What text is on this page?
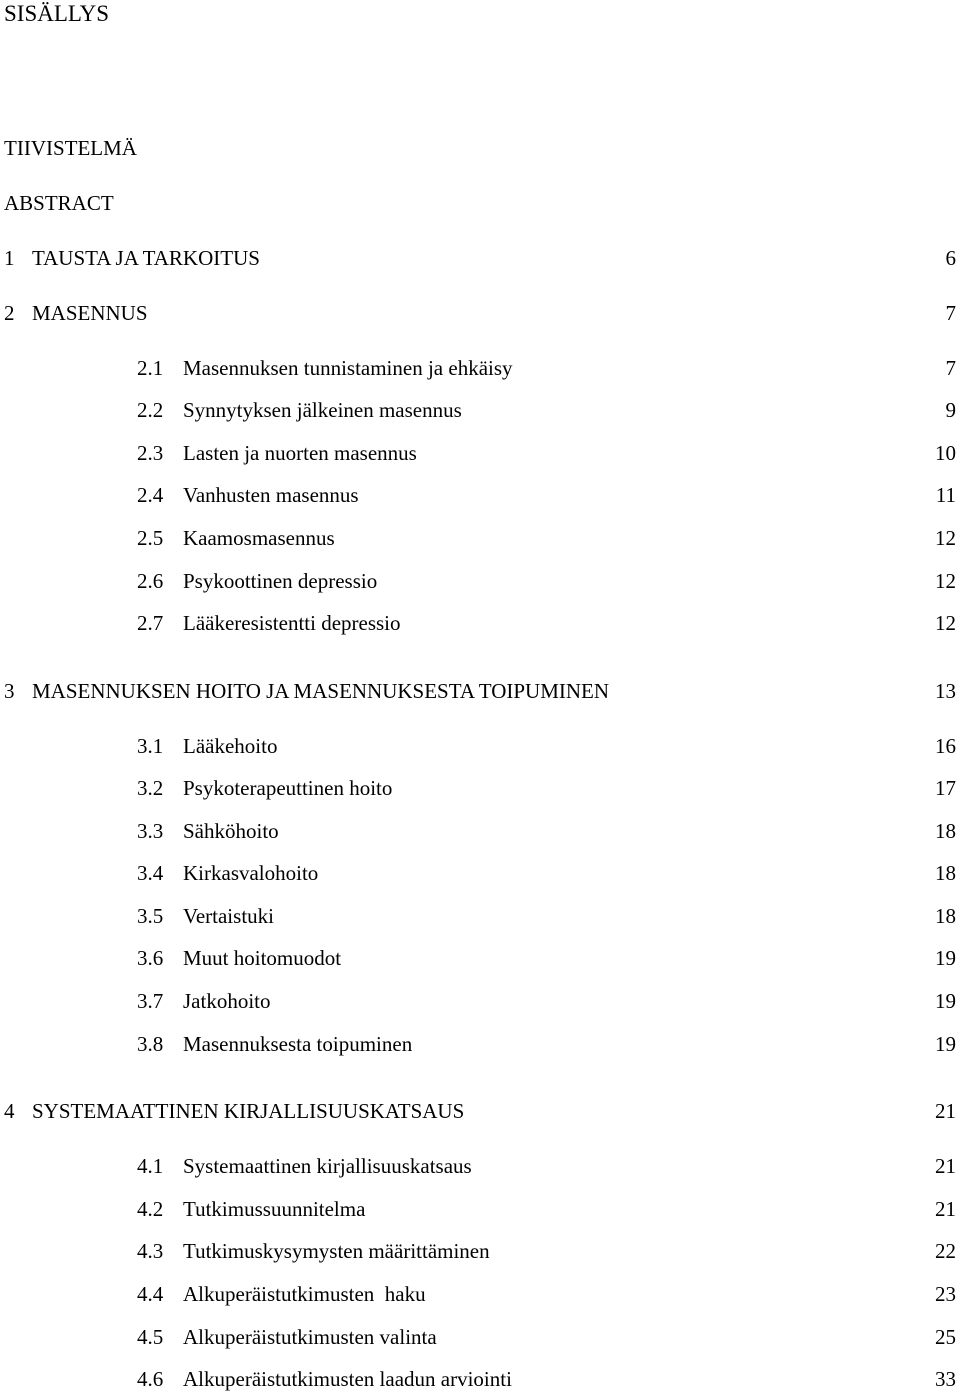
SISÄLLYS
TIIVISTELMÄ
ABSTRACT
1 TAUSTA JA TARKOITUS	6
2 MASENNUS	7
2.1 Masennuksen tunnistaminen ja ehkäisy	7
2.2 Synnytyksen jälkeinen masennus	9
2.3 Lasten ja nuorten masennus	10
2.4 Vanhusten masennus	11
2.5 Kaamosmasennus	12
2.6 Psykoottinen depressio	12
2.7 Lääkeresistentti depressio	12
3 MASENNUKSEN HOITO JA MASENNUKSESTA TOIPUMINEN	13
3.1 Lääkehoito	16
3.2 Psykoterapeuttinen hoito	17
3.3 Sähköhoito	18
3.4 Kirkasvalohoito	18
3.5 Vertaistuki	18
3.6 Muut hoitomuodot	19
3.7 Jatkohoito	19
3.8 Masennuksesta toipuminen	19
4 SYSTEMAATTINEN KIRJALLISUUSKATSAUS	21
4.1 Systemaattinen kirjallisuuskatsaus	21
4.2 Tutkimussuunnitelma	21
4.3 Tutkimuskysymysten määrittäminen	22
4.4 Alkuperäistutkimusten  haku	23
4.5 Alkuperäistutkimusten valinta	25
4.6 Alkuperäistutkimusten laadun arviointi	33
